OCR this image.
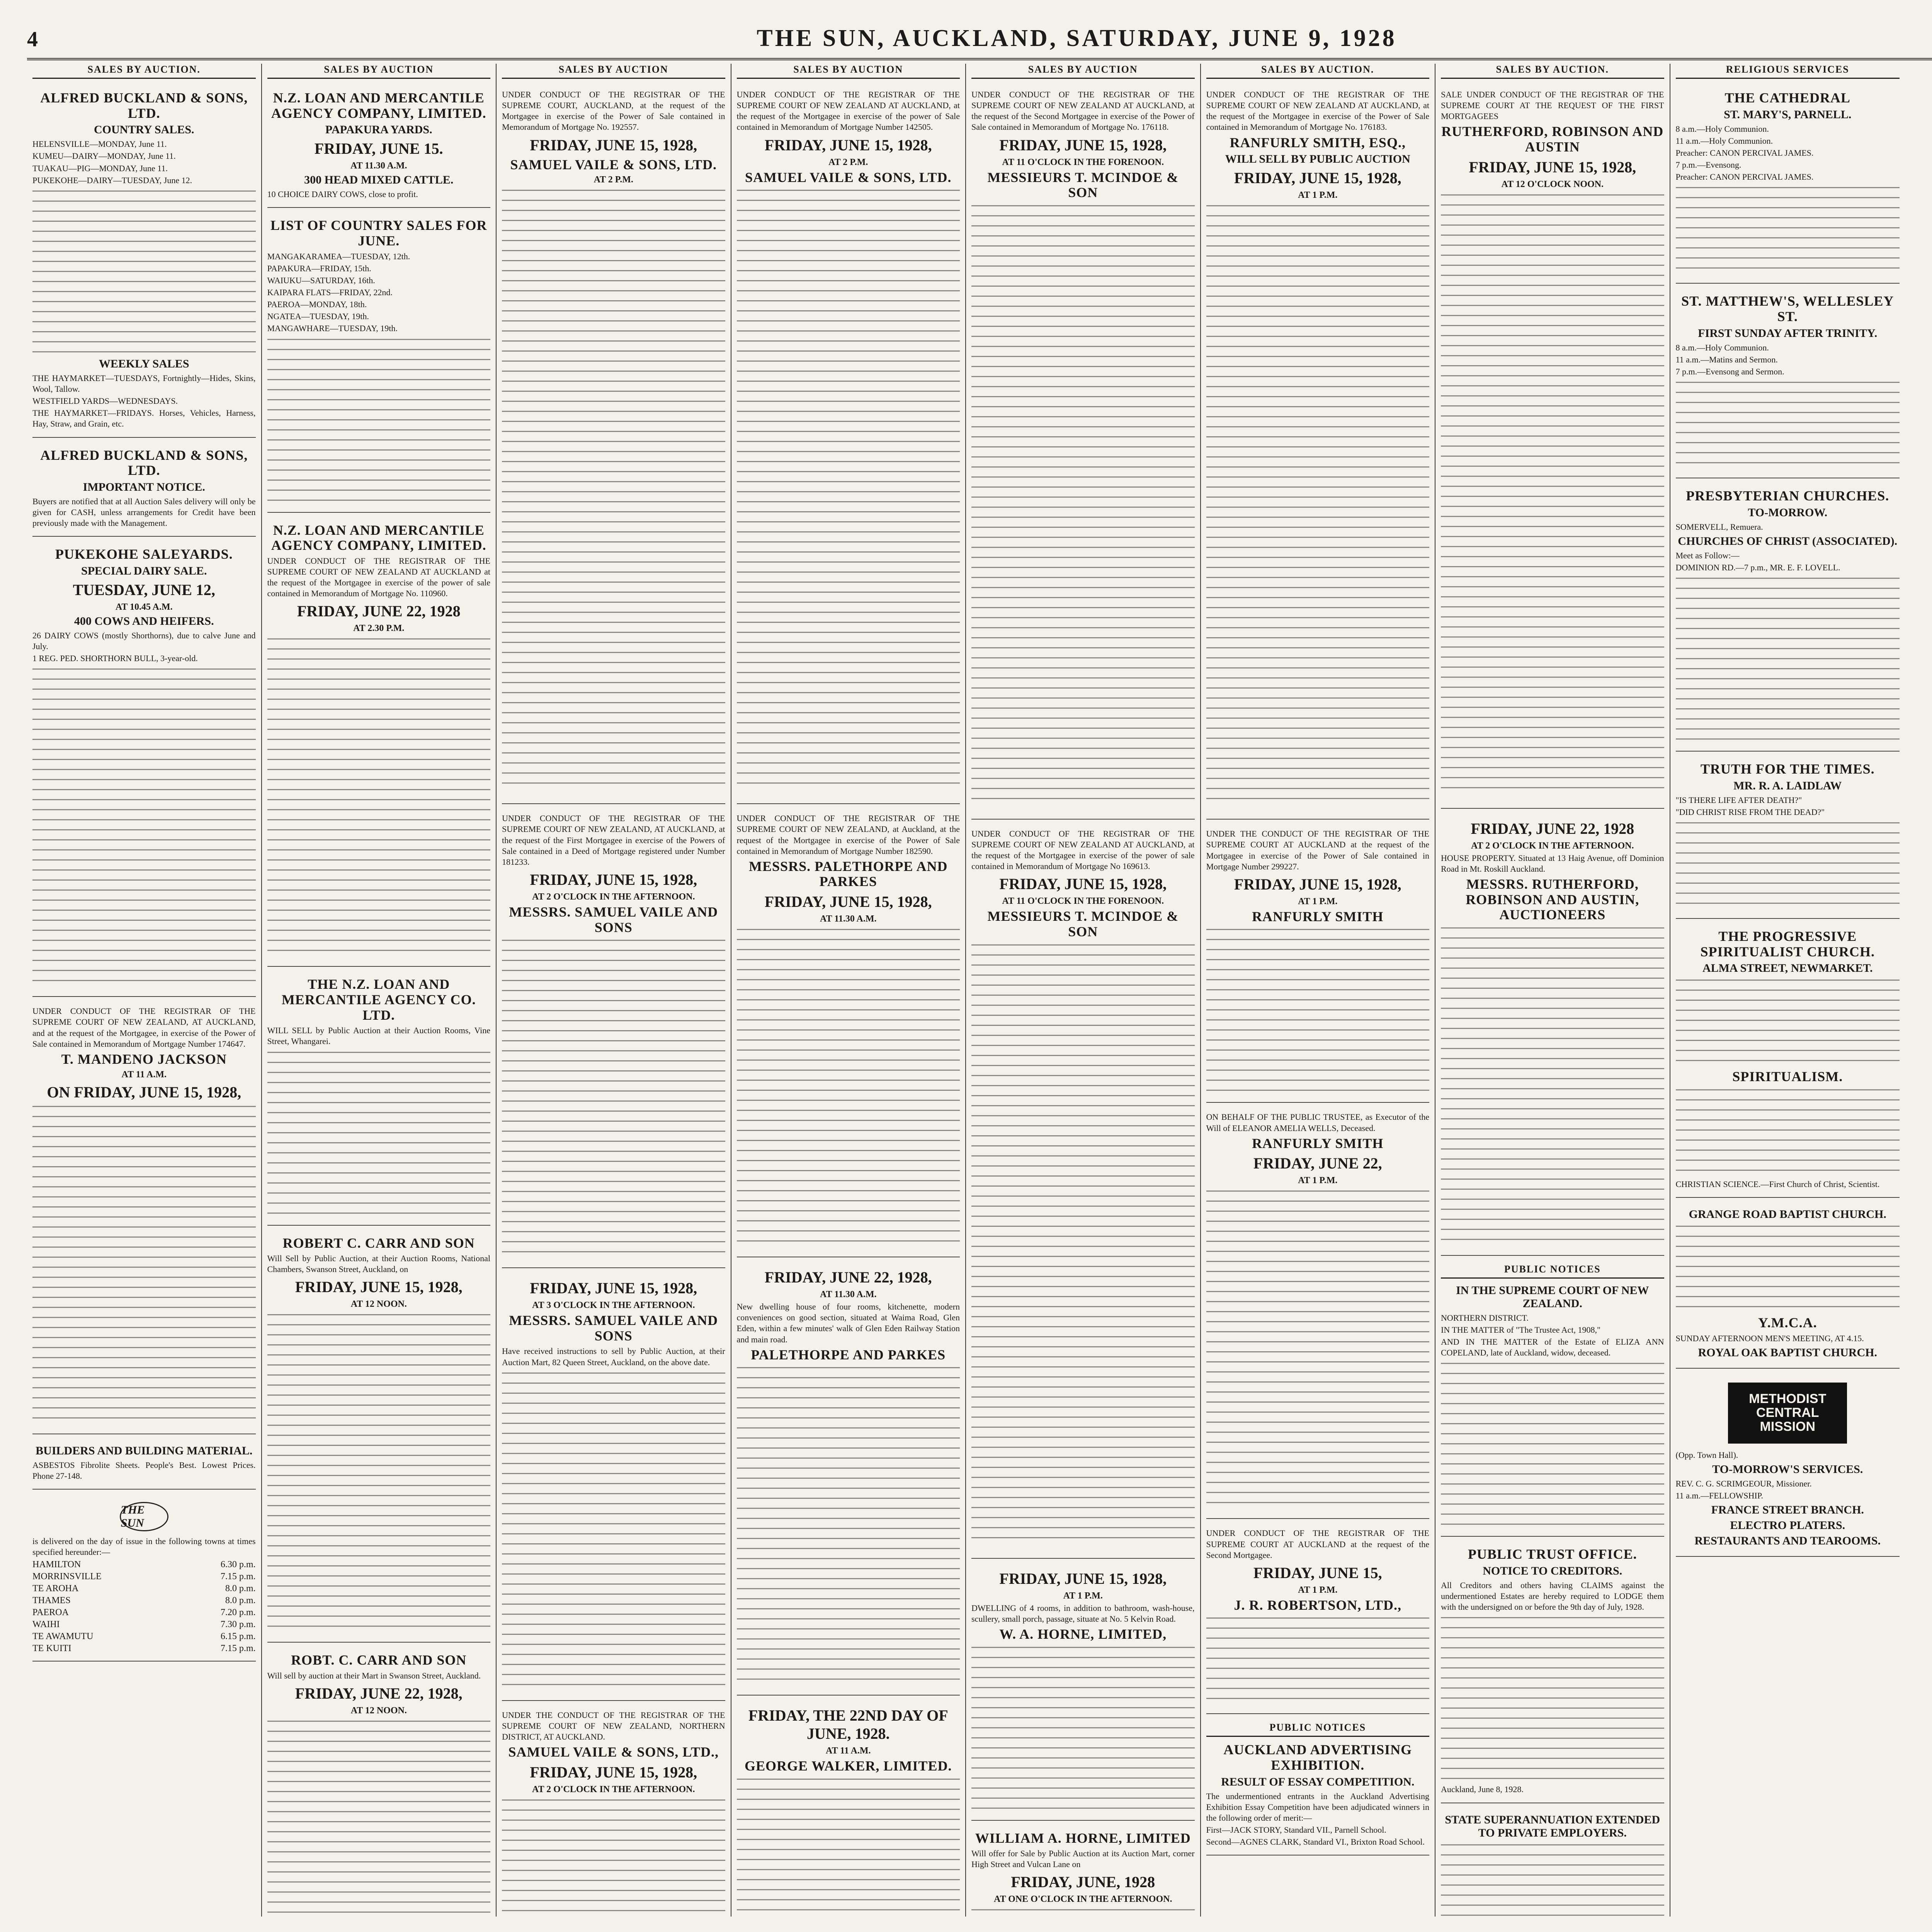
4	THE SUN, AUCKLAND, SATURDAY, JUNE 9, 1928
SALES BY AUCTION.
ALFRED BUCKLAND & SONS, LTD.
COUNTRY SALES.
HELENSVILLE—MONDAY, June 11.
KUMEU—DAIRY—MONDAY, June 11.
TUAKAU—PIG—MONDAY, June 11.
PUKEKOHE—DAIRY—TUESDAY, June 12.
WEEKLY SALES
THE HAYMARKET—TUESDAYS, Fortnightly—Hides, Skins, Wool, Tallow.
WESTFIELD YARDS—WEDNESDAYS.
THE HAYMARKET—FRIDAYS. Horses, Vehicles, Harness, Hay, Straw, and Grain, etc.
ALFRED BUCKLAND & SONS, LTD.
IMPORTANT NOTICE.
Buyers are notified that at all Auction Sales delivery will only be given for CASH, unless arrangements for Credit have been previously made with the Management.
PUKEKOHE SALEYARDS.
SPECIAL DAIRY SALE.
TUESDAY, JUNE 12,
AT 10.45 A.M.
400 COWS AND HEIFERS.
26 DAIRY COWS (mostly Shorthorns), due to calve June and July.
1 REG. PED. SHORTHORN BULL, 3-year-old.
UNDER CONDUCT OF THE REGISTRAR OF THE SUPREME COURT OF NEW ZEALAND, AT AUCKLAND, and at the request of the Mortgagee, in exercise of the Power of Sale contained in Memorandum of Mortgage Number 174647.
T. MANDENO JACKSON
AT 11 A.M.
ON FRIDAY, JUNE 15, 1928,
BUILDERS AND BUILDING MATERIAL.
ASBESTOS Fibrolite Sheets. People's Best. Lowest Prices. Phone 27-148.
THE SUN
is delivered on the day of issue in the following towns at times specified hereunder:—
HAMILTON	6.30 p.m.
MORRINSVILLE	7.15 p.m.
TE AROHA	8.0 p.m.
THAMES	8.0 p.m.
PAEROA	7.20 p.m.
WAIHI	7.30 p.m.
TE AWAMUTU	6.15 p.m.
TE KUITI	7.15 p.m.
SALES BY AUCTION
N.Z. LOAN AND MERCANTILE AGENCY COMPANY, LIMITED.
PAPAKURA YARDS.
FRIDAY, JUNE 15.
AT 11.30 A.M.
300 HEAD MIXED CATTLE.
10 CHOICE DAIRY COWS, close to profit.
LIST OF COUNTRY SALES FOR JUNE.
MANGAKARAMEA—TUESDAY, 12th.
PAPAKURA—FRIDAY, 15th.
WAIUKU—SATURDAY, 16th.
KAIPARA FLATS—FRIDAY, 22nd.
PAEROA—MONDAY, 18th.
NGATEA—TUESDAY, 19th.
MANGAWHARE—TUESDAY, 19th.
N.Z. LOAN AND MERCANTILE AGENCY COMPANY, LIMITED.
UNDER CONDUCT OF THE REGISTRAR OF THE SUPREME COURT OF NEW ZEALAND AT AUCKLAND at the request of the Mortgagee in exercise of the power of sale contained in Memorandum of Mortgage No. 110960.
FRIDAY, JUNE 22, 1928
AT 2.30 P.M.
THE N.Z. LOAN AND MERCANTILE AGENCY CO. LTD.
WILL SELL by Public Auction at their Auction Rooms, Vine Street, Whangarei.
ROBERT C. CARR AND SON
Will Sell by Public Auction, at their Auction Rooms, National Chambers, Swanson Street, Auckland, on
FRIDAY, JUNE 15, 1928,
AT 12 NOON.
ROBT. C. CARR AND SON
Will sell by auction at their Mart in Swanson Street, Auckland.
FRIDAY, JUNE 22, 1928,
AT 12 NOON.
SALES BY AUCTION
UNDER CONDUCT OF THE REGISTRAR OF THE SUPREME COURT, AUCKLAND, at the request of the Mortgagee in exercise of the Power of Sale contained in Memorandum of Mortgage No. 192557.
FRIDAY, JUNE 15, 1928,
SAMUEL VAILE & SONS, LTD.
AT 2 P.M.
UNDER CONDUCT OF THE REGISTRAR OF THE SUPREME COURT OF NEW ZEALAND, AT AUCKLAND, at the request of the First Mortgagee in exercise of the Powers of Sale contained in a Deed of Mortgage registered under Number 181233.
FRIDAY, JUNE 15, 1928,
AT 2 O'CLOCK IN THE AFTERNOON.
MESSRS. SAMUEL VAILE AND SONS
FRIDAY, JUNE 15, 1928,
AT 3 O'CLOCK IN THE AFTERNOON.
MESSRS. SAMUEL VAILE AND SONS
Have received instructions to sell by Public Auction, at their Auction Mart, 82 Queen Street, Auckland, on the above date.
UNDER THE CONDUCT OF THE REGISTRAR OF THE SUPREME COURT OF NEW ZEALAND, NORTHERN DISTRICT, AT AUCKLAND.
SAMUEL VAILE & SONS, LTD.,
FRIDAY, JUNE 15, 1928,
AT 2 O'CLOCK IN THE AFTERNOON.
SALES BY AUCTION
UNDER CONDUCT OF THE REGISTRAR OF THE SUPREME COURT OF NEW ZEALAND AT AUCKLAND, at the request of the Mortgagee in exercise of the power of Sale contained in Memorandum of Mortgage Number 142505.
FRIDAY, JUNE 15, 1928,
AT 2 P.M.
SAMUEL VAILE & SONS, LTD.
UNDER CONDUCT OF THE REGISTRAR OF THE SUPREME COURT OF NEW ZEALAND, at Auckland, at the request of the Mortgagee in exercise of the Power of Sale contained in Memorandum of Mortgage Number 182590.
MESSRS. PALETHORPE AND PARKES
FRIDAY, JUNE 15, 1928,
AT 11.30 A.M.
FRIDAY, JUNE 22, 1928,
AT 11.30 A.M.
New dwelling house of four rooms, kitchenette, modern conveniences on good section, situated at Waima Road, Glen Eden, within a few minutes' walk of Glen Eden Railway Station and main road.
PALETHORPE AND PARKES
FRIDAY, THE 22ND DAY OF JUNE, 1928.
AT 11 A.M.
GEORGE WALKER, LIMITED.
SALES BY AUCTION
UNDER CONDUCT OF THE REGISTRAR OF THE SUPREME COURT OF NEW ZEALAND AT AUCKLAND, at the request of the Second Mortgagee in exercise of the Power of Sale contained in Memorandum of Mortgage No. 176118.
FRIDAY, JUNE 15, 1928,
AT 11 O'CLOCK IN THE FORENOON.
MESSIEURS T. MCINDOE & SON
UNDER CONDUCT OF THE REGISTRAR OF THE SUPREME COURT OF NEW ZEALAND AT AUCKLAND, at the request of the Mortgagee in exercise of the power of sale contained in Memorandum of Mortgage No 169613.
FRIDAY, JUNE 15, 1928,
AT 11 O'CLOCK IN THE FORENOON.
MESSIEURS T. MCINDOE & SON
FRIDAY, JUNE 15, 1928,
AT 1 P.M.
DWELLING of 4 rooms, in addition to bathroom, wash-house, scullery, small porch, passage, situate at No. 5 Kelvin Road.
W. A. HORNE, LIMITED,
WILLIAM A. HORNE, LIMITED
Will offer for Sale by Public Auction at its Auction Mart, corner High Street and Vulcan Lane on
FRIDAY, JUNE, 1928
AT ONE O'CLOCK IN THE AFTERNOON.
SALES BY AUCTION.
UNDER CONDUCT OF THE REGISTRAR OF THE SUPREME COURT OF NEW ZEALAND AT AUCKLAND, at the request of the Mortgagee in exercise of the Power of Sale contained in Memorandum of Mortgage No. 176183.
RANFURLY SMITH, ESQ.,
WILL SELL BY PUBLIC AUCTION
FRIDAY, JUNE 15, 1928,
AT 1 P.M.
UNDER THE CONDUCT OF THE REGISTRAR OF THE SUPREME COURT AT AUCKLAND at the request of the Mortgagee in exercise of the Power of Sale contained in Mortgage Number 299227.
FRIDAY, JUNE 15, 1928,
AT 1 P.M.
RANFURLY SMITH
ON BEHALF OF THE PUBLIC TRUSTEE, as Executor of the Will of ELEANOR AMELIA WELLS, Deceased.
RANFURLY SMITH
FRIDAY, JUNE 22,
AT 1 P.M.
UNDER CONDUCT OF THE REGISTRAR OF THE SUPREME COURT AT AUCKLAND at the request of the Second Mortgagee.
FRIDAY, JUNE 15,
AT 1 P.M.
J. R. ROBERTSON, LTD.,
PUBLIC NOTICES
AUCKLAND ADVERTISING EXHIBITION.
RESULT OF ESSAY COMPETITION.
The undermentioned entrants in the Auckland Advertising Exhibition Essay Competition have been adjudicated winners in the following order of merit:—
First—JACK STORY, Standard VII., Parnell School.
Second—AGNES CLARK, Standard VI., Brixton Road School.
SALES BY AUCTION.
SALE UNDER CONDUCT OF THE REGISTRAR OF THE SUPREME COURT AT THE REQUEST OF THE FIRST MORTGAGEES
RUTHERFORD, ROBINSON AND AUSTIN
FRIDAY, JUNE 15, 1928,
AT 12 O'CLOCK NOON.
FRIDAY, JUNE 22, 1928
AT 2 O'CLOCK IN THE AFTERNOON.
HOUSE PROPERTY. Situated at 13 Haig Avenue, off Dominion Road in Mt. Roskill Auckland.
MESSRS. RUTHERFORD, ROBINSON AND AUSTIN, AUCTIONEERS
PUBLIC NOTICES
IN THE SUPREME COURT OF NEW ZEALAND.
NORTHERN DISTRICT.
IN THE MATTER of "The Trustee Act, 1908,"
AND IN THE MATTER of the Estate of ELIZA ANN COPELAND, late of Auckland, widow, deceased.
PUBLIC TRUST OFFICE.
NOTICE TO CREDITORS.
All Creditors and others having CLAIMS against the undermentioned Estates are hereby required to LODGE them with the undersigned on or before the 9th day of July, 1928.
Auckland, June 8, 1928.
STATE SUPERANNUATION EXTENDED TO PRIVATE EMPLOYERS.
RELIGIOUS SERVICES
THE CATHEDRAL
ST. MARY'S, PARNELL.
8 a.m.—Holy Communion.
11 a.m.—Holy Communion.
Preacher: CANON PERCIVAL JAMES.
7 p.m.—Evensong.
Preacher: CANON PERCIVAL JAMES.
ST. MATTHEW'S, WELLESLEY ST.
FIRST SUNDAY AFTER TRINITY.
8 a.m.—Holy Communion.
11 a.m.—Matins and Sermon.
7 p.m.—Evensong and Sermon.
PRESBYTERIAN CHURCHES.
TO-MORROW.
SOMERVELL, Remuera.
CHURCHES OF CHRIST (ASSOCIATED).
Meet as Follow:—
DOMINION RD.—7 p.m., MR. E. F. LOVELL.
TRUTH FOR THE TIMES.
MR. R. A. LAIDLAW
"IS THERE LIFE AFTER DEATH?"
"DID CHRIST RISE FROM THE DEAD?"
THE PROGRESSIVE SPIRITUALIST CHURCH.
ALMA STREET, NEWMARKET.
SPIRITUALISM.
CHRISTIAN SCIENCE.—First Church of Christ, Scientist.
GRANGE ROAD BAPTIST CHURCH.
Y.M.C.A.
SUNDAY AFTERNOON MEN'S MEETING, AT 4.15.
ROYAL OAK BAPTIST CHURCH.
METHODIST CENTRAL MISSION
(Opp. Town Hall).
TO-MORROW'S SERVICES.
REV. C. G. SCRIMGEOUR, Missioner.
11 a.m.—FELLOWSHIP.
FRANCE STREET BRANCH.
ELECTRO PLATERS.
RESTAURANTS AND TEAROOMS.
